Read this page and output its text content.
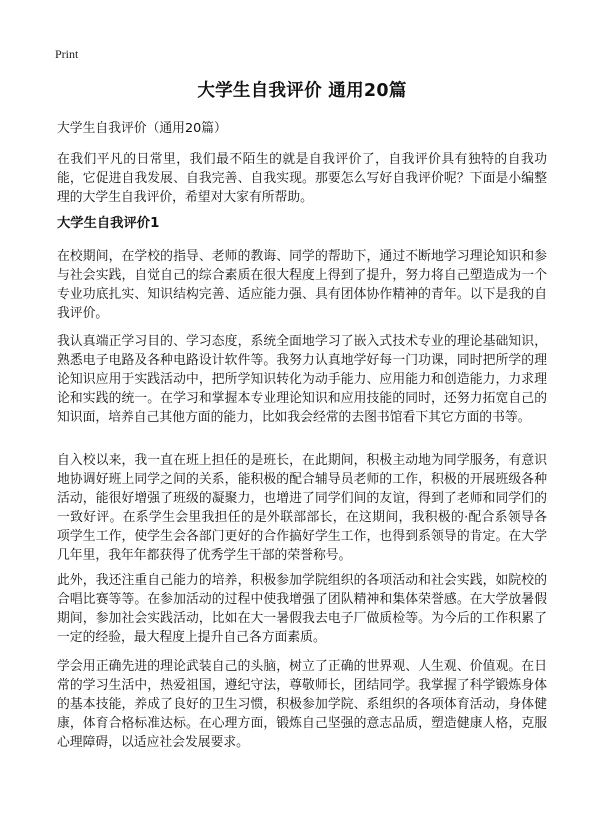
Print
大学生自我评价 通用20篇
大学生自我评价（通用20篇）

在我们平凡的日常里，我们最不陌生的就是自我评价了，自我评价具有独特的自我功能，它促进自我发展、自我完善、自我实现。那要怎么写好自我评价呢？下面是小编整理的大学生自我评价，希望对大家有所帮助。

大学生自我评价1

在校期间，在学校的指导、老师的教诲、同学的帮助下，通过不断地学习理论知识和参与社会实践，自觉自己的综合素质在很大程度上得到了提升，努力将自己塑造成为一个专业功底扎实、知识结构完善、适应能力强、具有团体协作精神的青年。以下是我的自我评价。

我认真端正学习目的、学习态度，系统全面地学习了嵌入式技术专业的理论基础知识，熟悉电子电路及各种电路设计软件等。我努力认真地学好每一门功课，同时把所学的理论知识应用于实践活动中，把所学知识转化为动手能力、应用能力和创造能力，力求理论和实践的统一。在学习和掌握本专业理论知识和应用技能的同时，还努力拓宽自己的知识面，培养自己其他方面的能力，比如我会经常的去图书馆看下其它方面的书等。

自入校以来，我一直在班上担任的是班长，在此期间，积极主动地为同学服务，有意识地协调好班上同学之间的关系，能积极的配合辅导员老师的工作，积极的开展班级各种活动，能很好增强了班级的凝聚力，也增进了同学们间的友谊，得到了老师和同学们的一致好评。在系学生会里我担任的是外联部部长，在这期间，我积极的·配合系领导各项学生工作，使学生会各部门更好的合作搞好学生工作，也得到系领导的肯定。在大学几年里，我年年都获得了优秀学生干部的荣誉称号。

此外，我还注重自己能力的培养，积极参加学院组织的各项活动和社会实践，如院校的合唱比赛等等。在参加活动的过程中使我增强了团队精神和集体荣誉感。在大学放暑假期间，参加社会实践活动，比如在大一暑假我去电子厂做质检等。为今后的工作积累了一定的经验，最大程度上提升自己各方面素质。

学会用正确先进的理论武装自己的头脑，树立了正确的世界观、人生观、价值观。在日常的学习生活中，热爱祖国，遵纪守法，尊敬师长，团结同学。我掌握了科学锻炼身体的基本技能，养成了良好的卫生习惯，积极参加学院、系组织的各项体育活动，身体健康，体育合格标准达标。在心理方面，锻炼自己坚强的意志品质，塑造健康人格，克服心理障碍，以适应社会发展要求。
